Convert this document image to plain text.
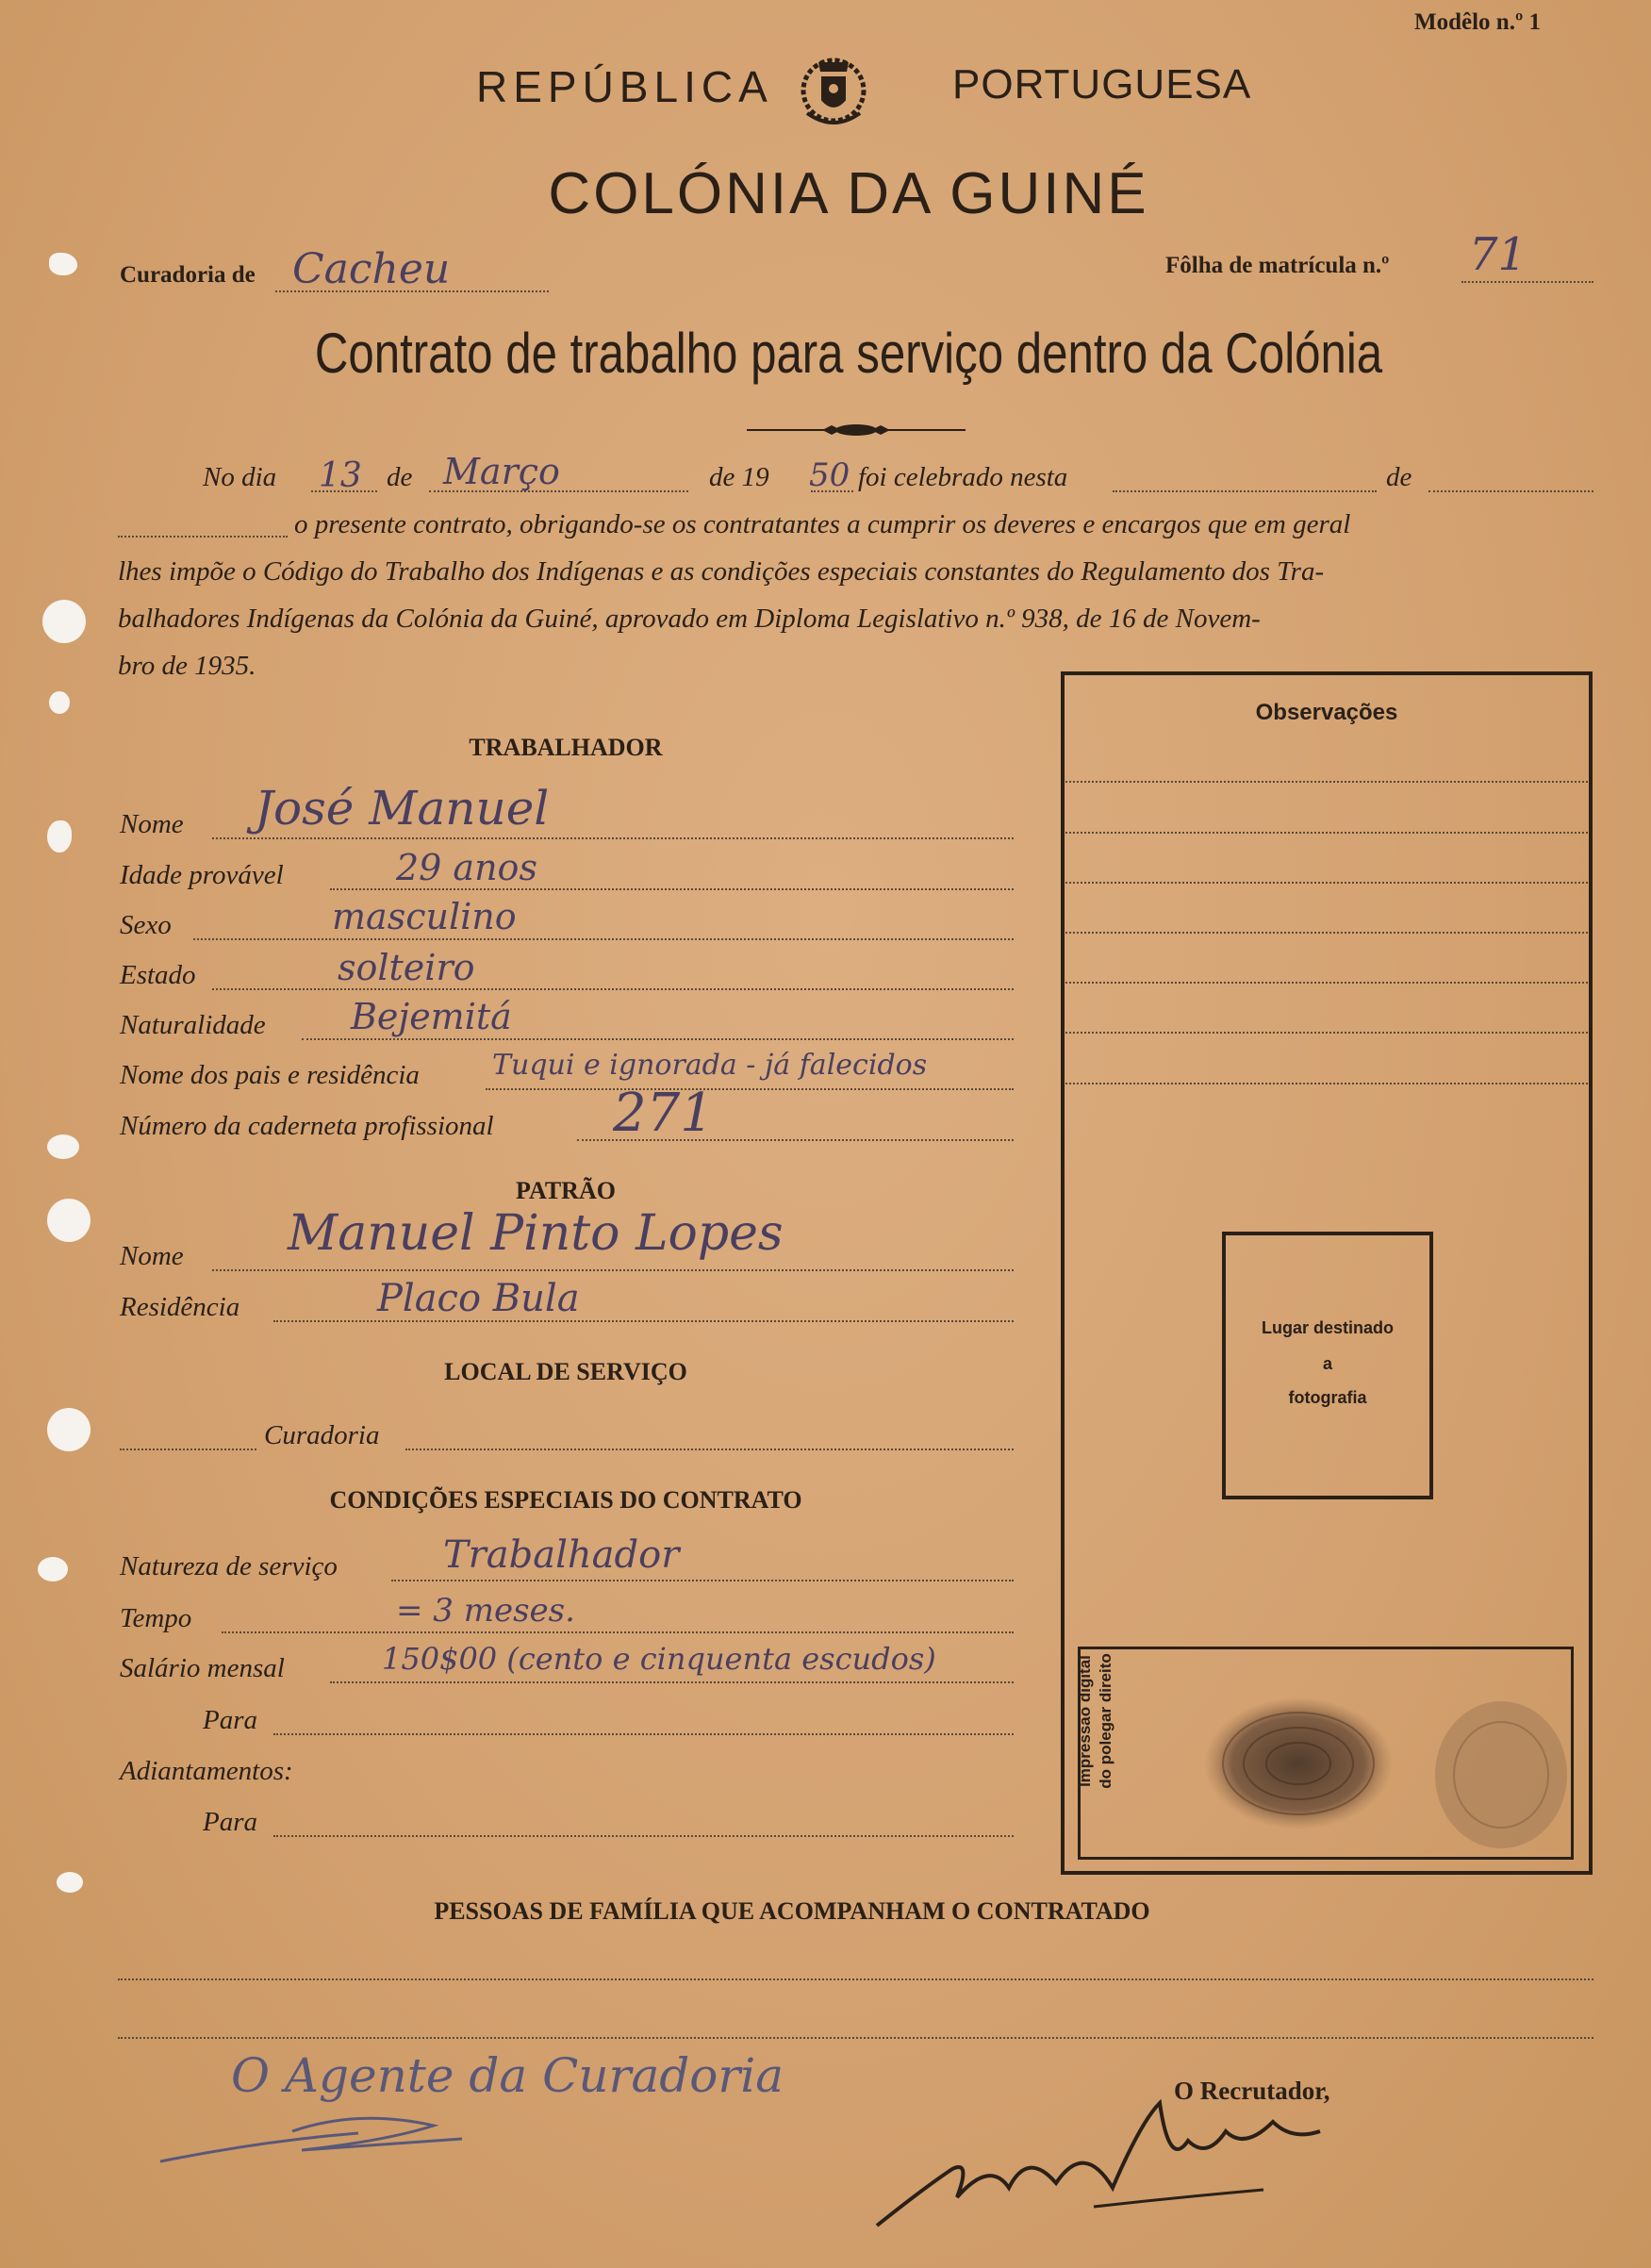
Modêlo n.º 1
REPÚBLICA	PORTUGUESA
COLÓNIA DA GUINÉ
Curadoria de Cacheu	Fôlha de matrícula n.º 71
Contrato de trabalho para serviço dentro da Colónia
No dia 13 de Março	de 19 50 foi celebrado nesta	de
o presente contrato, obrigando-se os contratantes a cumprir os deveres e encargos que em geral
lhes impõe o Código do Trabalho dos Indígenas e as condições especiais constantes do Regulamento dos Tra-
balhadores Indígenas da Colónia da Guiné, aprovado em Diploma Legislativo n.º 938, de 16 de Novem-
bro de 1935.
TRABALHADOR
Nome José Manuel
Idade provável	29 anos
Sexo	masculino
Estado	solteiro
Naturalidade Bejemitá
Nome dos pais e residência	Tuqui e ignorada - já falecidos
Número da caderneta profissional 271
PATRÃO
Nome Manuel Pinto Lopes
Residência	Placo Bula
LOCAL DE SERVIÇO
Curadoria
CONDIÇÕES ESPECIAIS DO CONTRATO
Natureza de serviço	Trabalhador
Tempo	= 3 meses.
Salário mensal	150$00 (cento e cinquenta escudos)
Para
Adiantamentos:
Para
Observações
Lugar destinado
a
fotografia
Impressão digital do polegar direito
PESSOAS DE FAMÍLIA QUE ACOMPANHAM O CONTRATADO
O Agente da Curadoria	O Recrutador,
